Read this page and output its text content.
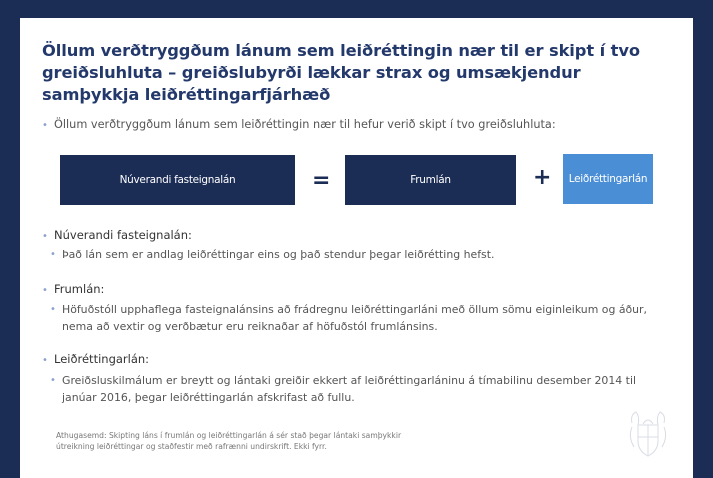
Öllum verðtryggðum lánum sem leiðréttingin nær til er skipt í tvo greiðsluhluta – greiðslubyrði lækkar strax og umsækjendur samþykkja leiðréttingarfjárhæð
• Öllum verðtryggðum lánum sem leiðréttingin nær til hefur verið skipt í tvo greiðsluhluta:
Núverandi fasteignalán	=	Frumlán	+ Leiðréttingarlán
• Núverandi fasteignalán:
• Það lán sem er andlag leiðréttingar eins og það stendur þegar leiðrétting hefst.
• Frumlán:
• Höfuðstóll upphaflega fasteignalánsins að frádregnu leiðréttingarláni með öllum sömu eiginleikum og áður, nema að vextir og verðbætur eru reiknaðar af höfuðstól frumlánsins.
• Leiðréttingarlán:
• Greiðsluskilmálum er breytt og lántaki greiðir ekkert af leiðréttingarláninu á tímabilinu desember 2014 til janúar 2016, þegar leiðréttingarlán afskrifast að fullu.
Athugasemd: Skipting láns í frumlán og leiðréttingarlán á sér stað þegar lántaki samþykkir útreikning leiðréttingar og staðfestir með rafrænni undirskrift. Ekki fyrr.
